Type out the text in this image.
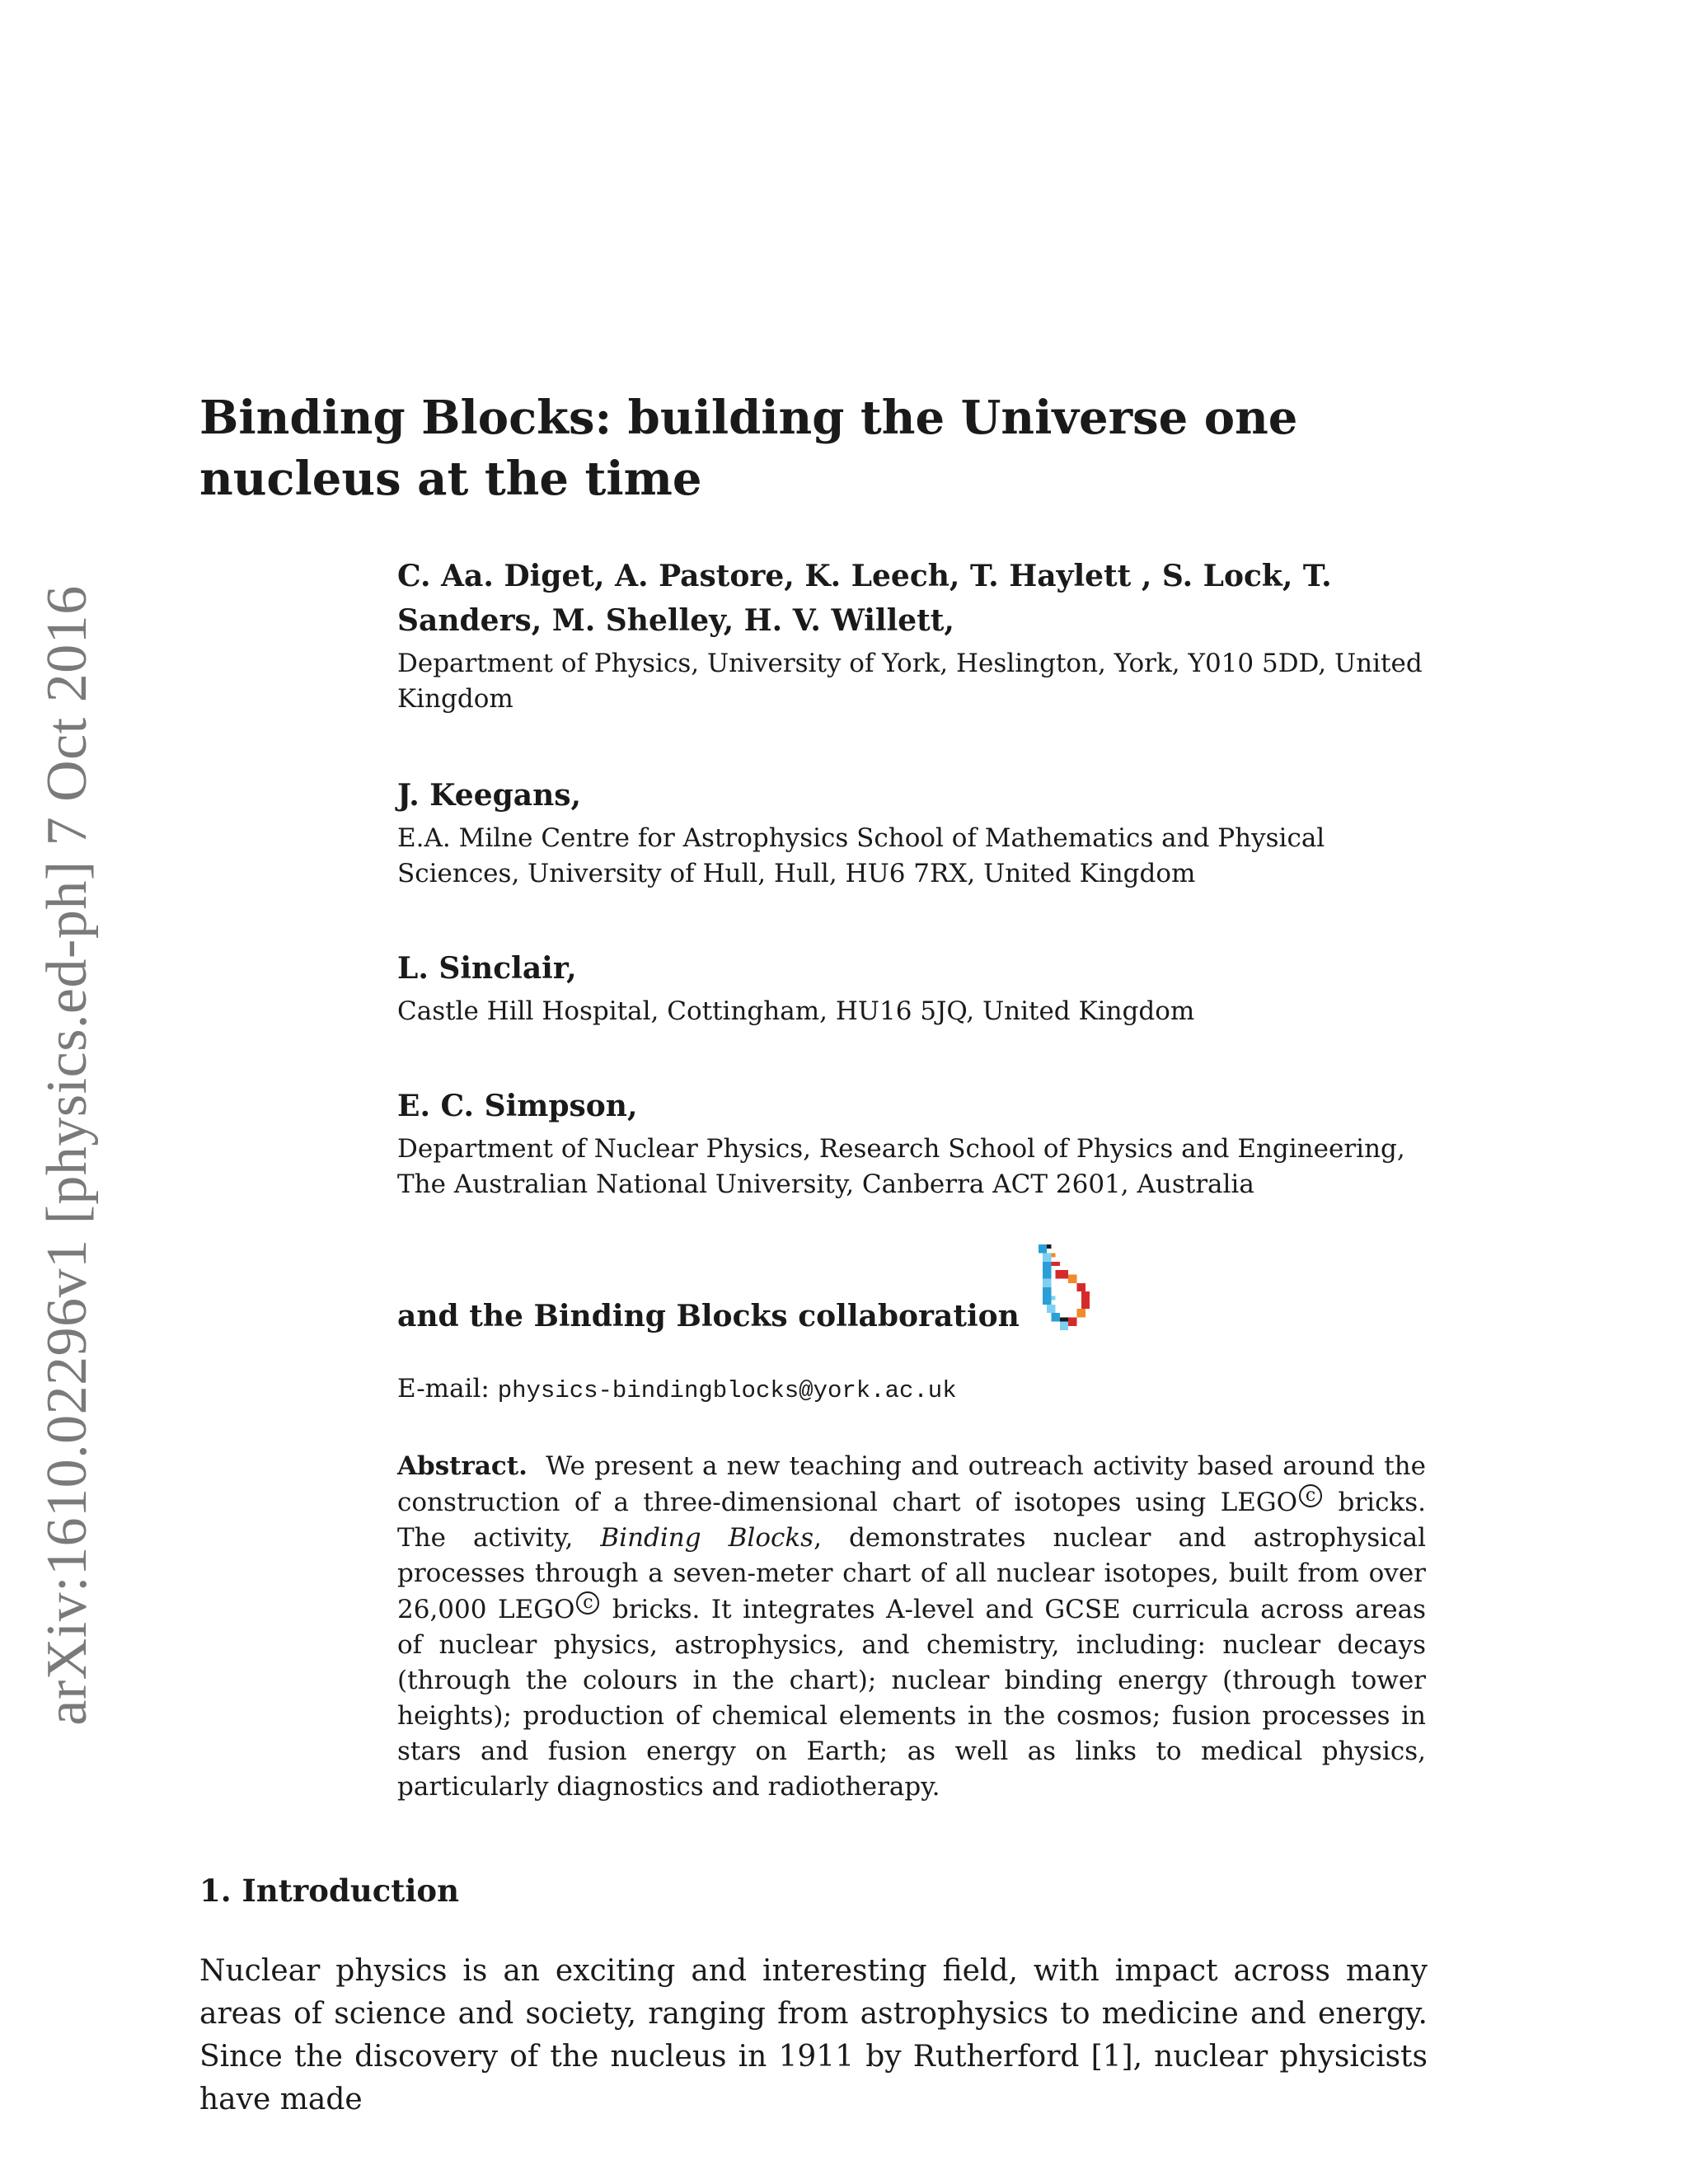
arXiv:1610.02296v1 [physics.ed-ph] 7 Oct 2016
Binding Blocks: building the Universe one nucleus at the time

C. Aa. Diget, A. Pastore, K. Leech, T. Haylett , S. Lock, T. Sanders, M. Shelley, H. V. Willett,

Department of Physics, University of York, Heslington, York, Y010 5DD, United Kingdom

J. Keegans,

E.A. Milne Centre for Astrophysics School of Mathematics and Physical Sciences, University of Hull, Hull, HU6 7RX, United Kingdom

L. Sinclair,

Castle Hill Hospital, Cottingham, HU16 5JQ, United Kingdom

E. C. Simpson,

Department of Nuclear Physics, Research School of Physics and Engineering, The Australian National University, Canberra ACT 2601, Australia

and the Binding Blocks collaboration

E-mail: physics-bindingblocks@york.ac.uk

Abstract. We present a new teaching and outreach activity based around the construction of a three-dimensional chart of isotopes using LEGO $^c$ bricks. The activity, Binding Blocks, demonstrates nuclear and astrophysical processes through a seven-meter chart of all nuclear isotopes, built from over 26,000 LEGO $^c$ bricks. It integrates A-level and GCSE curricula across areas of nuclear physics, astrophysics, and chemistry, including: nuclear decays (through the colours in the chart); nuclear binding energy (through tower heights); production of chemical elements in the cosmos; fusion processes in stars and fusion energy on Earth; as well as links to medical physics, particularly diagnostics and radiotherapy.

1. Introduction

Nuclear physics is an exciting and interesting field, with impact across many areas of science and society, ranging from astrophysics to medicine and energy. Since the discovery of the nucleus in 1911 by Rutherford [1], nuclear physicists have made
